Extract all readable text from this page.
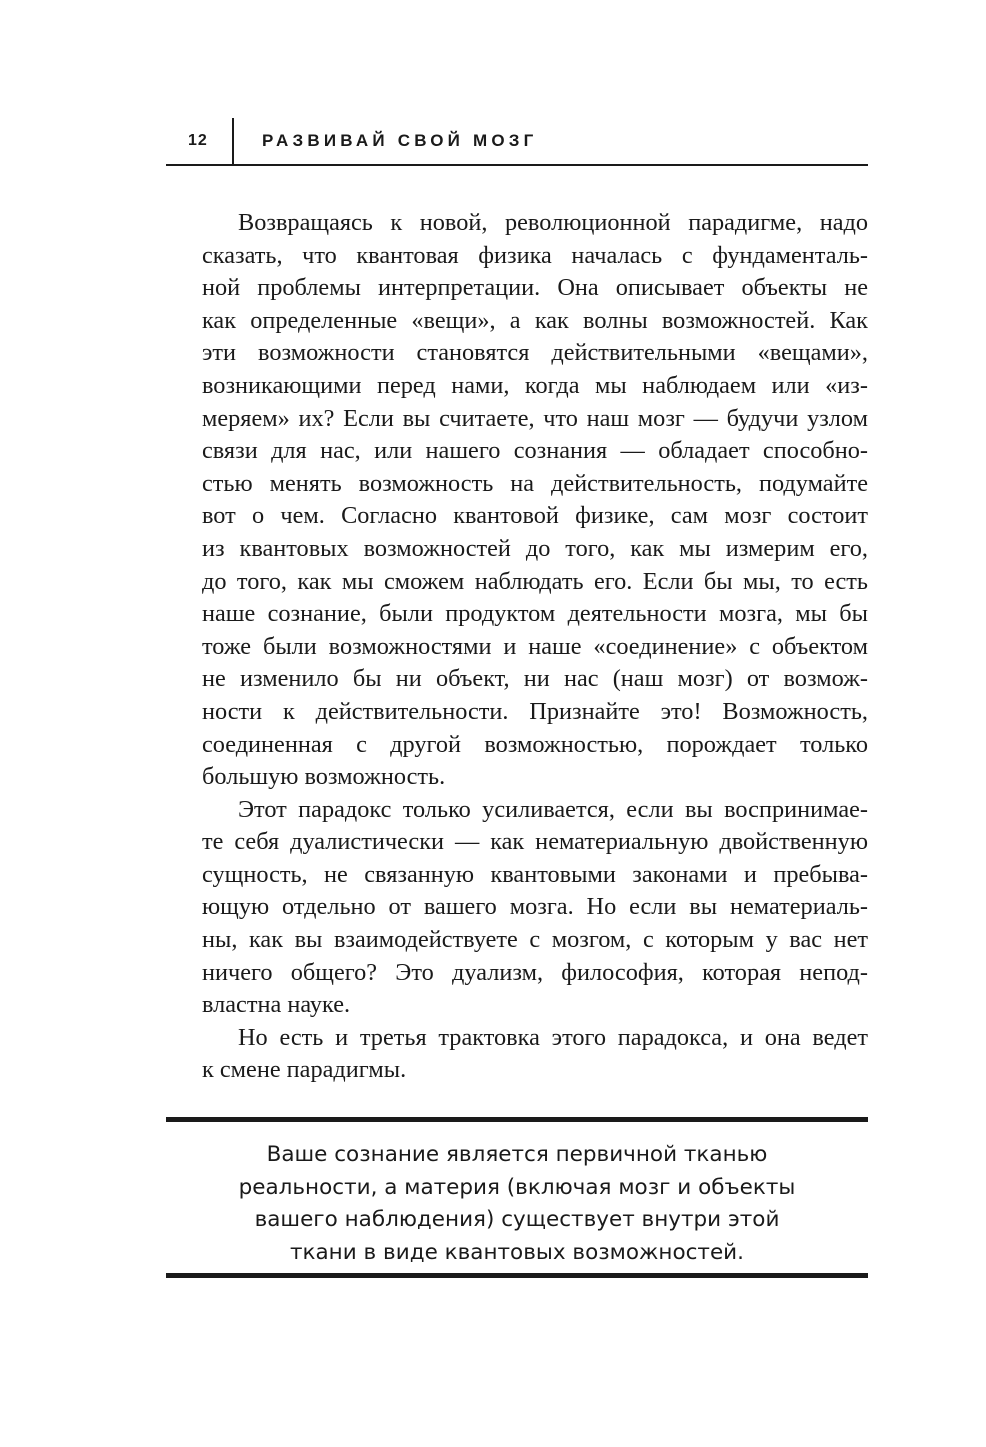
12	РАЗВИВАЙ СВОЙ МОЗГ

Возвращаясь к новой, революционной парадигме, надо
сказать, что квантовая физика началась с фундаменталь-
ной проблемы интерпретации. Она описывает объекты не
как определенные «вещи», а как волны возможностей. Как
эти возможности становятся действительными «вещами»,
возникающими перед нами, когда мы наблюдаем или «из-
меряем» их? Если вы считаете, что наш мозг — будучи узлом
связи для нас, или нашего сознания — обладает способно-
стью менять возможность на действительность, подумайте
вот о чем. Согласно квантовой физике, сам мозг состоит
из квантовых возможностей до того, как мы измерим его,
до того, как мы сможем наблюдать его. Если бы мы, то есть
наше сознание, были продуктом деятельности мозга, мы бы
тоже были возможностями и наше «соединение» с объектом
не изменило бы ни объект, ни нас (наш мозг) от возмож-
ности к действительности. Признайте это! Возможность,
соединенная с другой возможностью, порождает только
большую возможность.

Этот парадокс только усиливается, если вы воспринимае-
те себя дуалистически — как нематериальную двойственную
сущность, не связанную квантовыми законами и пребыва-
ющую отдельно от вашего мозга. Но если вы нематериаль-
ны, как вы взаимодействуете с мозгом, с которым у вас нет
ничего общего? Это дуализм, философия, которая непод-
властна науке.

Но есть и третья трактовка этого парадокса, и она ведет
к смене парадигмы.

Ваше сознание является первичной тканью
реальности, а материя (включая мозг и объекты
вашего наблюдения) существует внутри этой
ткани в виде квантовых возможностей.
